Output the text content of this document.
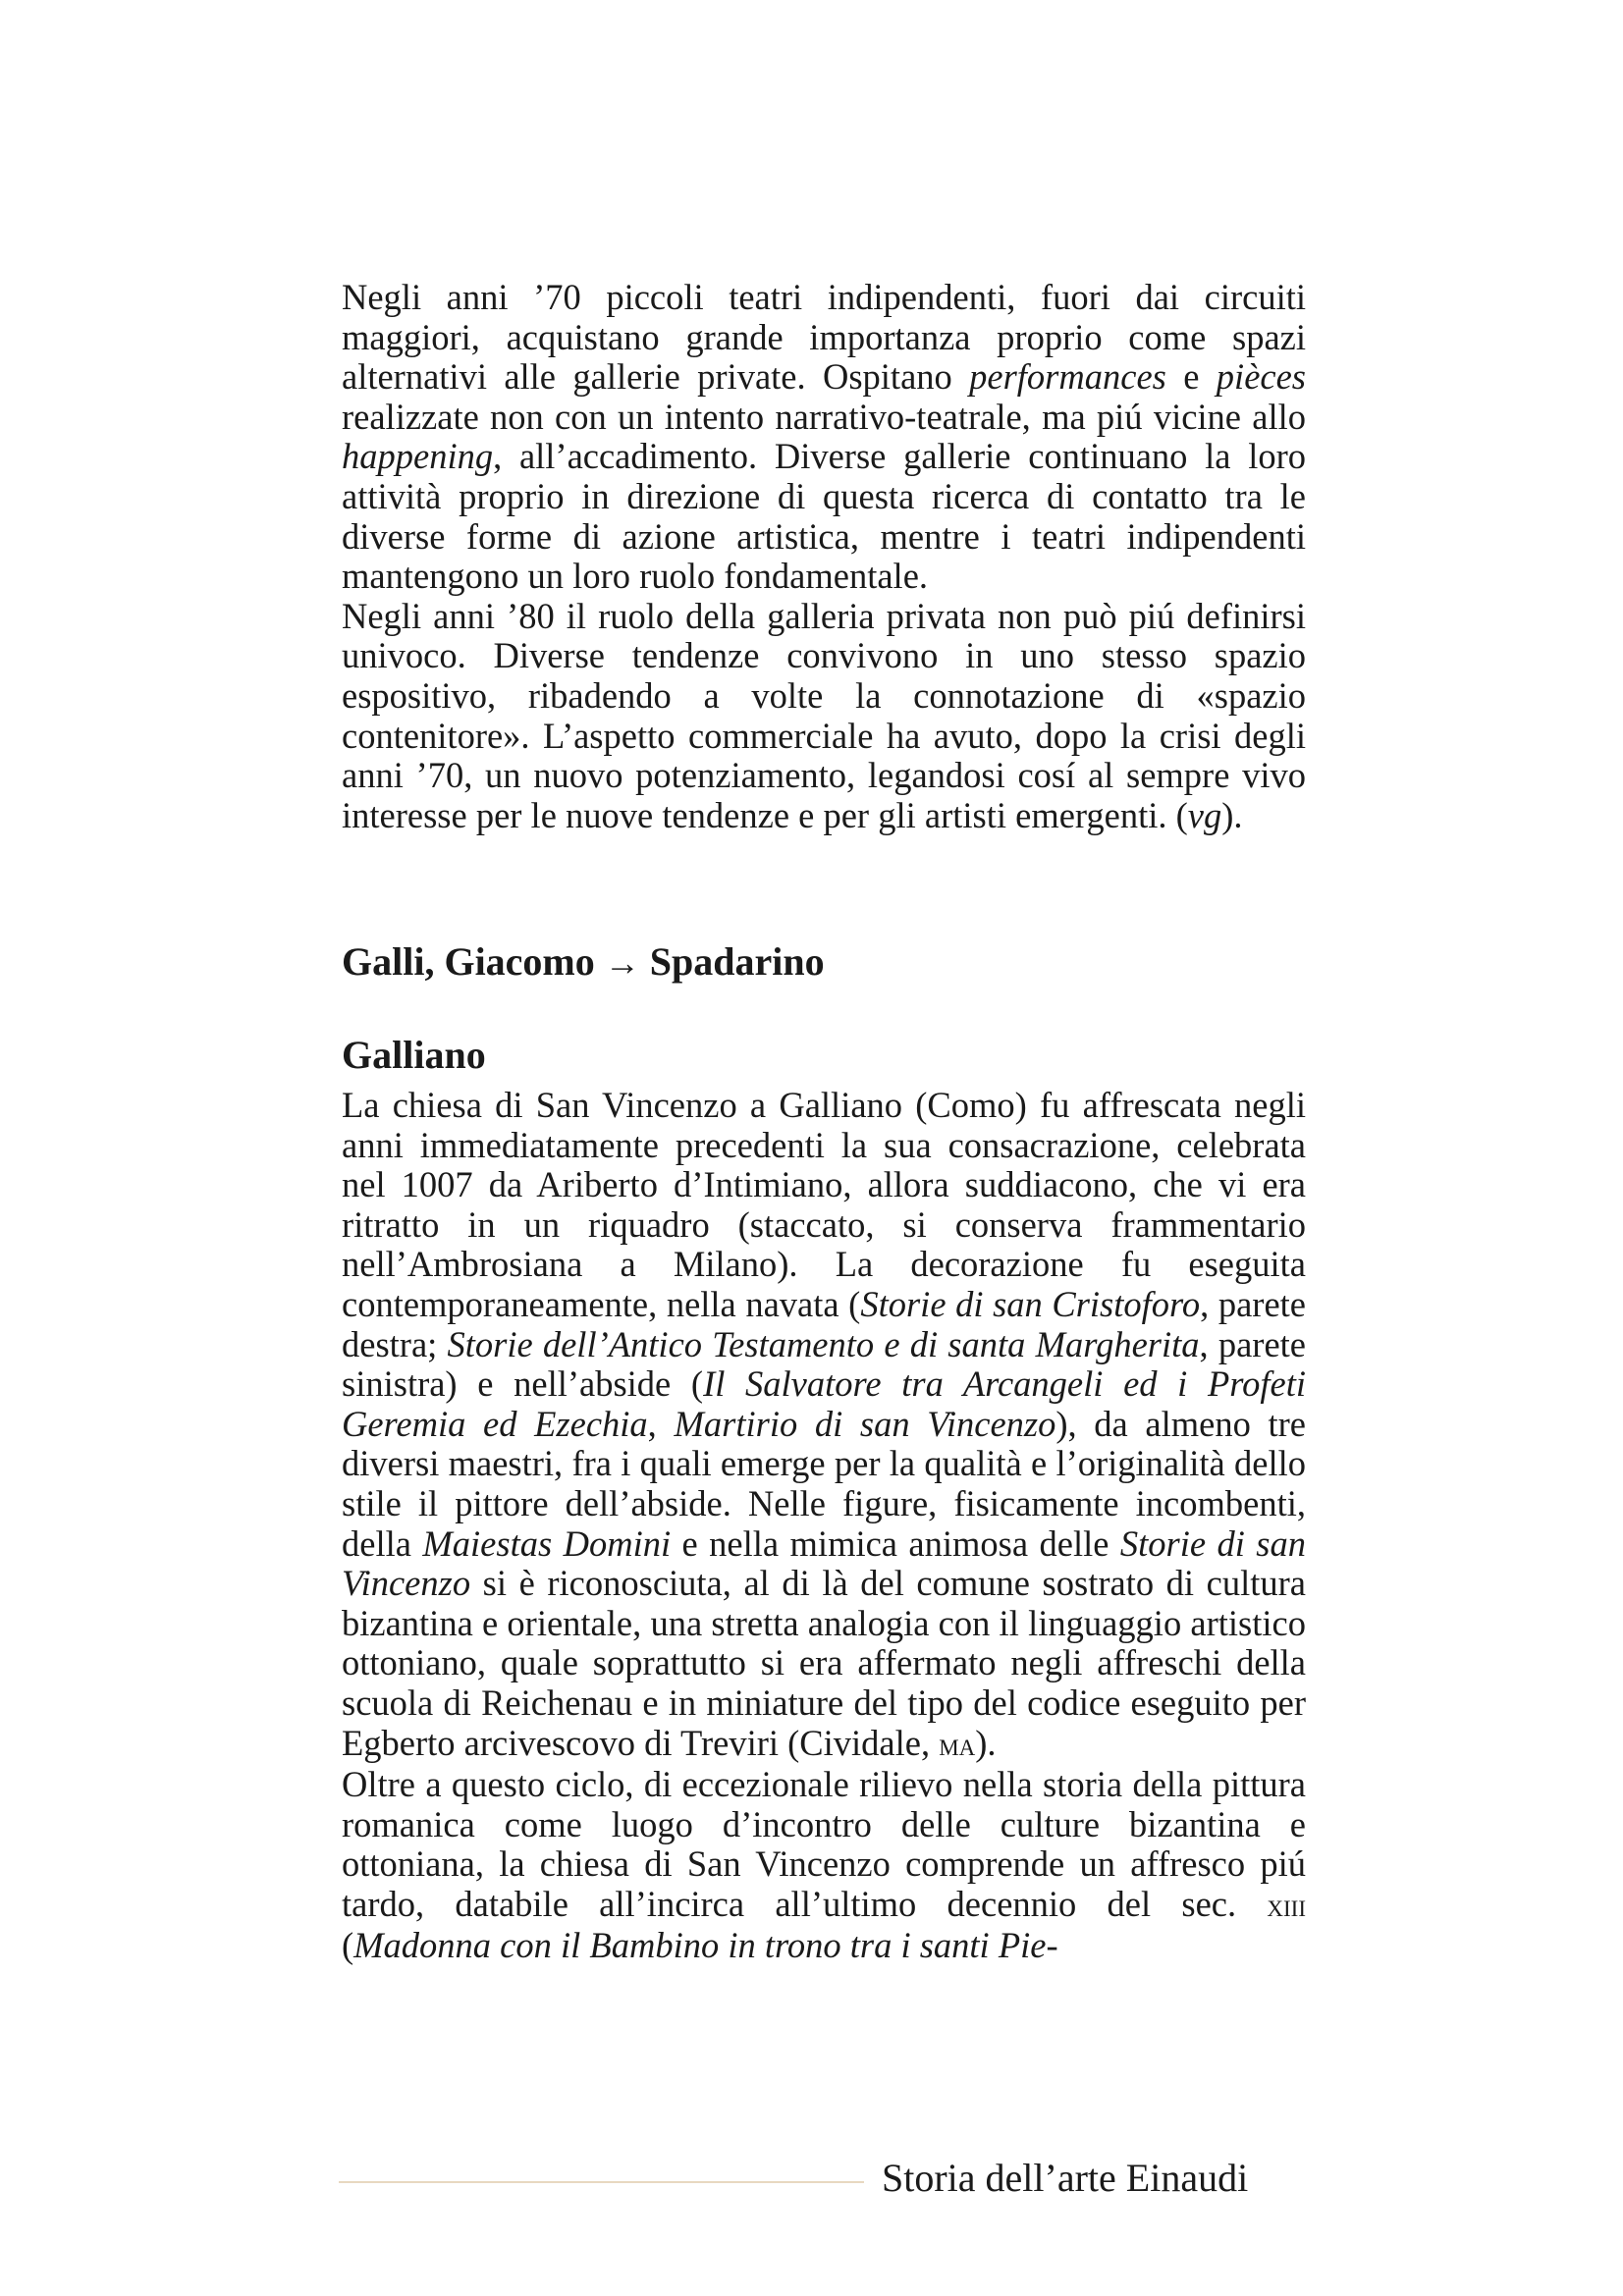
Negli anni ’70 piccoli teatri indipendenti, fuori dai circuiti maggiori, acquistano grande importanza proprio come spazi alternativi alle gallerie private. Ospitano performances e pièces realizzate non con un intento narrativo-teatrale, ma piú vicine allo happening, all’accadimento. Diverse gallerie continuano la loro attività proprio in direzione di questa ricerca di contatto tra le diverse forme di azione artistica, mentre i teatri indipendenti mantengono un loro ruolo fondamentale.

Negli anni ’80 il ruolo della galleria privata non può piú definirsi univoco. Diverse tendenze convivono in uno stesso spazio espositivo, ribadendo a volte la connotazione di «spazio contenitore». L’aspetto commerciale ha avuto, dopo la crisi degli anni ’70, un nuovo potenziamento, legandosi cosí al sempre vivo interesse per le nuove tendenze e per gli artisti emergenti. (vg).

Galli, Giacomo → Spadarino
Galliano

La chiesa di San Vincenzo a Galliano (Como) fu affrescata negli anni immediatamente precedenti la sua consacrazione, celebrata nel 1007 da Ariberto d’Intimiano, allora suddiacono, che vi era ritratto in un riquadro (staccato, si conserva frammentario nell’Ambrosiana a Milano). La decorazione fu eseguita contemporaneamente, nella navata (Storie di san Cristoforo, parete destra; Storie dell’Antico Testamento e di santa Margherita, parete sinistra) e nell’abside (Il Salvatore tra Arcangeli ed i Profeti Geremia ed Ezechia, Martirio di san Vincenzo), da almeno tre diversi maestri, fra i quali emerge per la qualità e l’originalità dello stile il pittore dell’abside. Nelle figure, fisicamente incombenti, della Maiestas Domini e nella mimica animosa delle Storie di san Vincenzo si è riconosciuta, al di là del comune sostrato di cultura bizantina e orientale, una stretta analogia con il linguaggio artistico ottoniano, quale soprattutto si era affermato negli affreschi della scuola di Reichenau e in miniature del tipo del codice eseguito per Egberto arcivescovo di Treviri (Cividale, ma).

Oltre a questo ciclo, di eccezionale rilievo nella storia della pittura romanica come luogo d’incontro delle culture bizantina e ottoniana, la chiesa di San Vincenzo comprende un affresco piú tardo, databile all’incirca all’ultimo decennio del sec. xiii (Madonna con il Bambino in trono tra i santi Pie-

Storia dell’arte Einaudi
